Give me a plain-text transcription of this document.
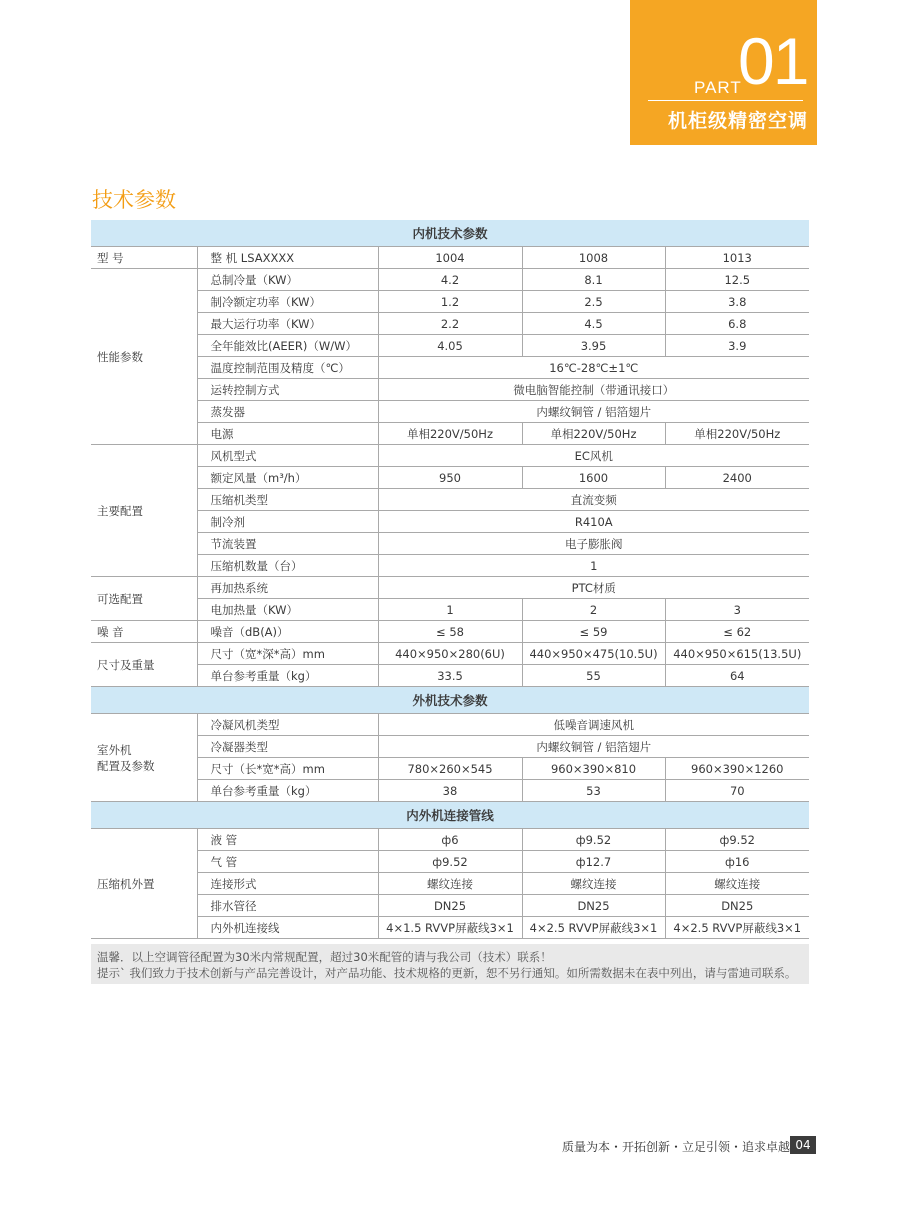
PART
01
机柜级精密空调
技术参数
内机技术参数				
型 号	整 机 LSAXXXX	1004	1008	1013
性能参数	总制冷量（KW）	4.2	8.1	12.5
	制冷额定功率（KW）	1.2	2.5	3.8
	最大运行功率（KW）	2.2	4.5	6.8
	全年能效比(AEER)（W/W）	4.05	3.95	3.9
	温度控制范围及精度（℃）	16℃-28℃±1℃		
	运转控制方式	微电脑智能控制（带通讯接口）		
	蒸发器	内螺纹铜管 / 铝箔翅片		
	电源	单相220V/50Hz	单相220V/50Hz	单相220V/50Hz
主要配置	风机型式	EC风机		
	额定风量（m³/h）	950	1600	2400
	压缩机类型	直流变频		
	制冷剂	R410A		
	节流装置	电子膨胀阀		
	压缩机数量（台）	1		
可选配置	再加热系统	PTC材质		
	电加热量（KW）	1	2	3
噪 音	噪音（dB(A)）	≤ 58	≤ 59	≤ 62
尺寸及重量	尺寸（宽*深*高）mm	440×950×280(6U)	440×950×475(10.5U)	440×950×615(13.5U)
	单台参考重量（kg）	33.5	55	64
外机技术参数				

室外机
配置及参数	冷凝风机类型	低噪音调速风机		
	冷凝器类型	内螺纹铜管 / 铝箔翅片		
	尺寸（长*宽*高）mm	780×260×545	960×390×810	960×390×1260
	单台参考重量（kg）	38	53	70
内外机连接管线				
压缩机外置	液 管	ф6	ф9.52	ф9.52
	气 管	ф9.52	ф12.7	ф16
	连接形式	螺纹连接	螺纹连接	螺纹连接
	排水管径	DN25	DN25	DN25
	内外机连接线	4×1.5 RVVP屏蔽线3×1	4×2.5 RVVP屏蔽线3×1	4×2.5 RVVP屏蔽线3×1
温馨．以上空调管径配置为30米内常规配置，超过30米配管的请与我公司（技术）联系！
提示` 我们致力于技术创新与产品完善设计，对产品功能、技术规格的更新，恕不另行通知。如所需数据未在表中列出，请与雷迪司联系。
质量为本・开拓创新・立足引领・追求卓越 04
